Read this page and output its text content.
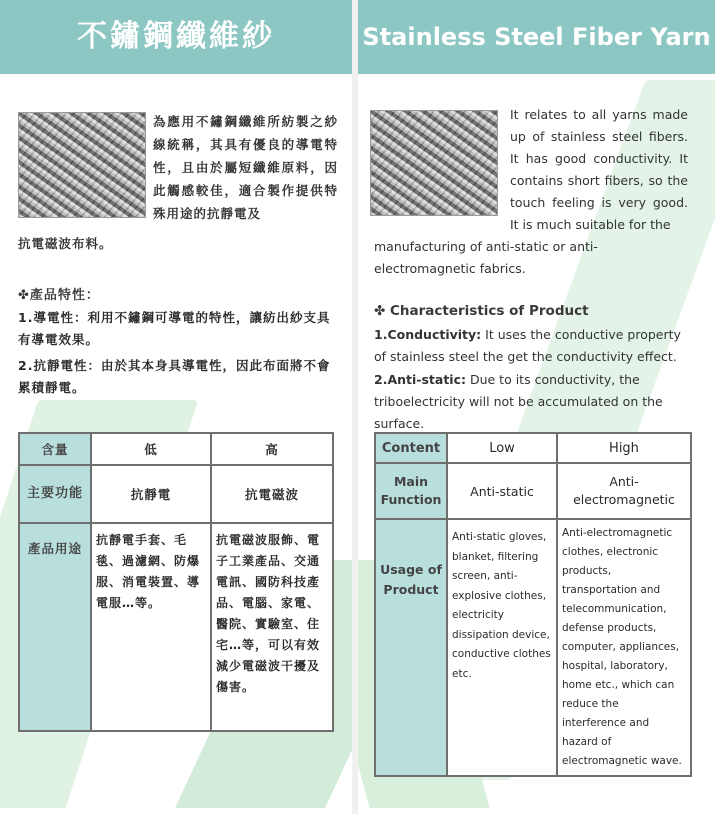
不鏽鋼纖維紗
為應用不鏽鋼纖維所紡製之紗線統稱，其具有優良的導電特性，且由於屬短纖維原料，因此觸感較佳，適合製作提供特殊用途的抗靜電及
抗電磁波布料。
✤產品特性：
1.導電性：利用不鏽鋼可導電的特性，讓紡出紗支具有導電效果。
2.抗靜電性：由於其本身具導電性，因此布面將不會累積靜電。
含量	低	高
主要功能	抗靜電	抗電磁波
產品用途	抗靜電手套、毛毯、過濾網、防爆服、消電裝置、導電服…等。	抗電磁波服飾、電子工業產品、交通電訊、國防科技產品、電腦、家電、醫院、實驗室、住宅…等，可以有效減少電磁波干擾及傷害。
Stainless Steel Fiber Yarn
It relates to all yarns made up of stainless steel fibers. It has good conductivity. It contains short fibers, so the touch feeling is very good. It is much suitable for the
manufacturing of anti-static or anti-electromagnetic fabrics.
✤ Characteristics of Product
1.Conductivity: It uses the conductive property of stainless steel the get the conductivity effect.
2.Anti-static: Due to its conductivity, the triboelectricity will not be accumulated on the surface.
Content	Low	High
Main Function	Anti-static	Anti-electromagnetic
Usage of Product	Anti-static gloves, blanket, filtering screen, anti-explosive clothes, electricity dissipation device, conductive clothes etc.	Anti-electromagnetic clothes, electronic products, transportation and telecommunication, defense products, computer, appliances, hospital, laboratory, home etc., which can reduce the interference and hazard of electromagnetic wave.
